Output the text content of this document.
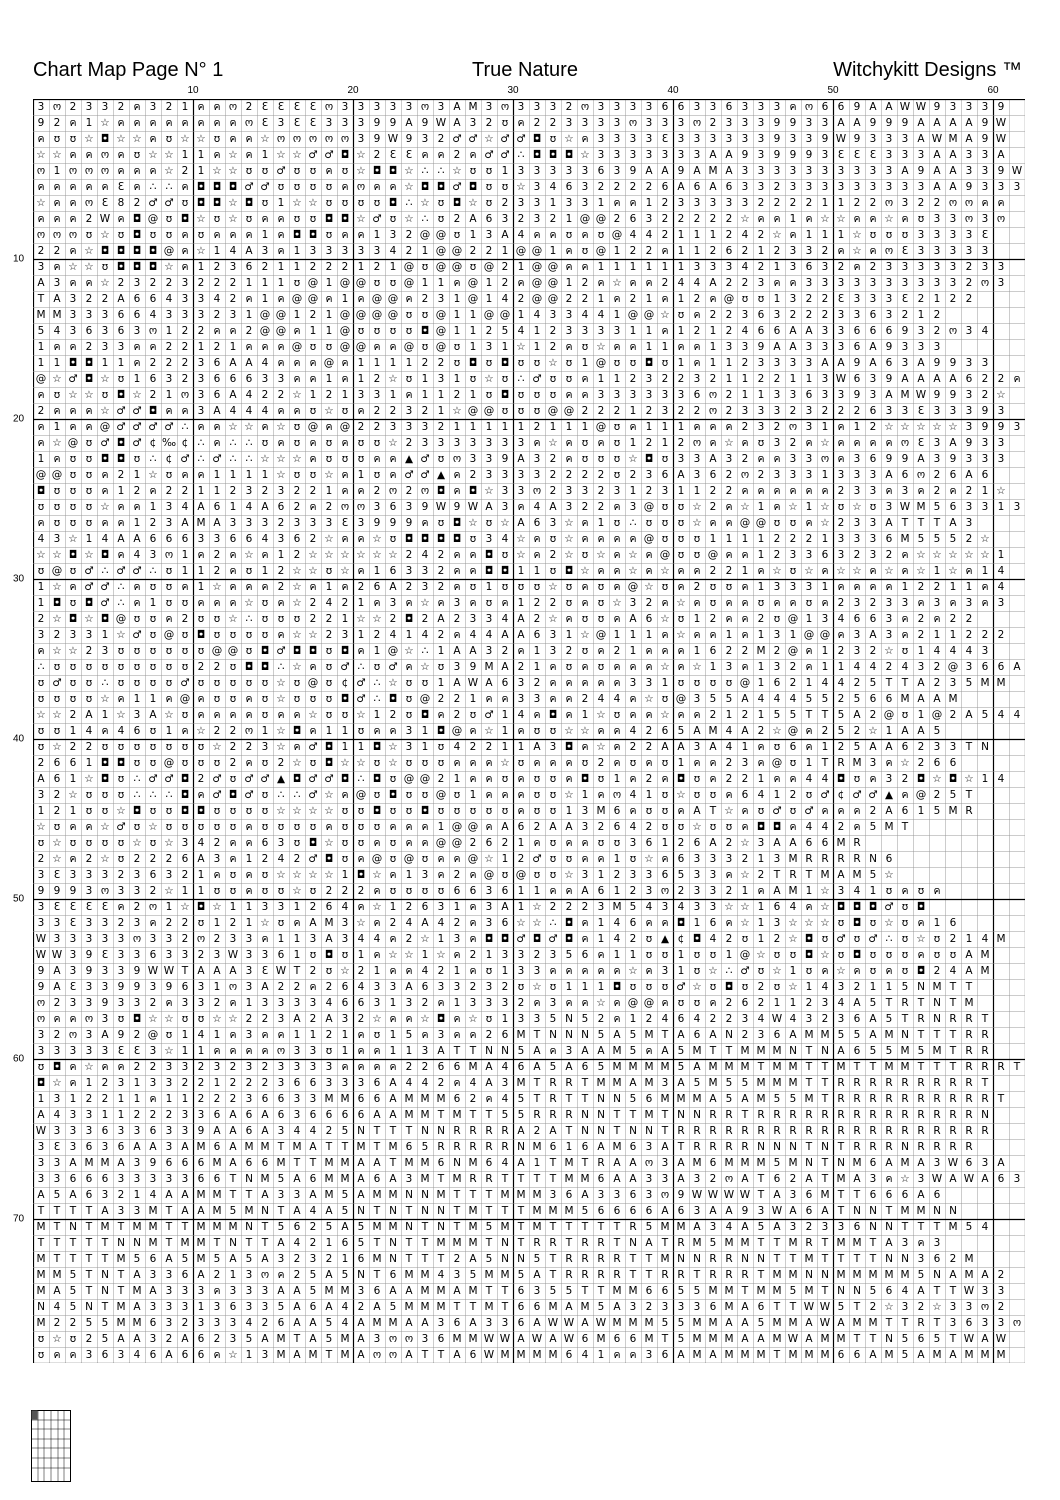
Chart Map Page N° 1	True Nature	Witchykitt Designs ™
10	20	30	40	50	60
10
20
30
40
50
60
70
3 ო 2 3 3 2 ค 3 2 1 ค ค ო 2 Ɛ Ɛ Ɛ Ɛ ო 3 3 3 3 3 ო 3 A M 3 ო 3 3 3 2 ო 3 3 3 3 6 6 3 3 6 3 3 3 ค ო 6 6 9 A A W W 9 3 3 3 9
9 2 ค 1 ☆ ค ค ค ค ค ค ค ค ო Ɛ 3 Ɛ Ɛ 3 3 3 9 9 A 9 W A 3 2 ʊ ค 2 2 3 3 3 3 ო 3 3 3 ო 2 3 3 3 9 9 3 3 A A 9 9 9 A A A A 9 W
ค ʊ ʊ ☆ ◘ ☆ ☆ ค ʊ ☆ ☆ ʊ ค ค ☆ ო ო ო ო ო 3 9 W 9 3 2 ♂ ♂ ☆ ♂ ♂ ◘ ʊ ☆ ค 3 3 3 3 Ɛ 3 3 3 3 3 3 9 3 3 9 W 9 3 3 3 A W M A 9 W
☆ ☆ ค ค ო ค ʊ ☆ ☆ 1 1 ค ☆ ค 1 ☆ ☆ ♂ ♂ ◘ ☆ 2 Ɛ Ɛ ค ค 2 ค ♂ ♂ ∴ ◘ ◘ ◘ ☆ 3 3 3 3 3 3 3 A A 9 3 9 9 9 3 Ɛ Ɛ Ɛ 3 3 3 A A 3 3 A
ო 1 ო ო ო ค ค ค ☆ 2 1 ☆ ☆ ʊ ʊ ♂ ʊ ʊ ค ʊ ☆ ◘ ◘ ☆ ∴ ∴ ☆ ʊ ʊ 1 3 3 3 3 3 6 3 9 A A 9 A M A 3 3 3 3 3 3 3 3 3 3 A 9 A A 3 3 9 W
ค ค ค ค ค Ɛ ค ∴ ∴ ค ◘ ◘ ◘ ♂ ♂ ʊ ʊ ʊ ʊ ค ო ค ค ☆ ◘ ◘ ♂ ◘ ʊ ʊ ☆ 3 4 6 3 2 2 2 2 6 A 6 A 6 3 3 2 3 3 3 3 3 3 3 3 3 A A 9 3 3 3
☆ ค ค ო Ɛ 8 2 ♂ ♂ ʊ ◘ ◘ ☆ ◘ ʊ 1 ☆ ☆ ʊ ʊ ʊ ʊ ◘ ∴ ☆ ʊ ◘ ☆ ʊ 2 3 3 1 3 3 1 ค ค 1 2 3 3 3 3 3 2 2 2 2 1 1 2 2 ო 3 2 2 ო ო ค ค
ค ค ค 2 W ค ◘ @ ʊ ◘ ☆ ʊ ☆ ʊ ค ค ʊ ʊ ◘ ◘ ☆ ♂ ʊ ☆ ∴ ʊ 2 A 6 3 2 3 2 1 @ @ 2 6 3 2 2 2 2 2 ☆ ค ค 1 ค ☆ ☆ ค ค ☆ ค ʊ 3 3 ო 3 ო
ო ო ო ʊ ☆ ʊ ◘ ʊ ʊ ค ʊ ค ค ค 1 ค ◘ ◘ ʊ ค ค 1 3 2 @ @ ʊ 1 3 A 4 ค ค ʊ ค ʊ @ 4 4 2 1 1 1 2 4 2 ☆ ค 1 1 1 ☆ ʊ ʊ ʊ 3 3 3 3 Ɛ
2 2 ค ☆ ◘ ◘ ◘ ◘ @ ค ☆ 1 4 A 3 ค 1 3 3 3 3 3 4 2 1 @ @ 2 2 1 @ @ 1 ค ʊ @ 1 2 2 ค 1 1 2 6 2 1 2 3 3 2 ค ☆ ค ო Ɛ 3 3 3 3 3
3 ค ☆ ☆ ʊ ◘ ◘ ◘ ☆ ค 1 2 3 6 2 1 1 2 2 2 1 2 1 @ ʊ @ @ ʊ @ 2 1 @ @ ค ค 1 1 1 1 1 1 3 3 3 4 2 1 3 6 3 2 ค 2 3 3 3 3 3 2 3 3
A 3 ค ค ☆ 2 3 2 2 3 2 2 2 1 1 1 ʊ @ 1 @ @ ʊ ʊ @ 1 1 ค @ 1 2 ค @ @ 1 2 ค ☆ ค ค 2 4 4 A 2 2 3 ค ค 3 3 3 3 3 3 3 3 3 3 2 ო 3
T A 3 2 2 A 6 6 4 3 3 4 2 ค 1 ค @ @ ค 1 ค @ @ ค 2 3 1 @ 1 4 2 @ @ 2 2 1 ค 2 1 ค 1 2 ค @ ʊ ʊ 1 3 2 2 Ɛ 3 3 3 Ɛ 2 1 2 2
M M 3 3 3 6 6 4 3 3 3 2 3 1 @ @ 1 2 1 @ @ @ @ ʊ ʊ @ 1 1 @ @ 1 4 3 3 4 4 1 @ @ ☆ ʊ ค 2 2 3 6 3 2 2 2 3 3 6 3 2 1 2
5 4 3 6 3 6 3 ო 1 2 2 ค ค 2 @ @ ค 1 1 @ ʊ ʊ ʊ ʊ ◘ @ 1 1 2 5 4 1 2 3 3 3 3 1 1 ค 1 2 1 2 4 6 6 A A 3 3 6 6 6 9 3 2 ო 3 4
1 ค ค 2 3 3 ค ค 2 2 1 2 1 ค ค ค @ ʊ ʊ @ @ ค ค @ ʊ @ ʊ 1 3 1 ☆ 1 2 ค ʊ ☆ ค ค 1 1 ค ค 1 3 3 9 A A 3 3 3 6 A 9 3 3 3
1 1 ◘ ◘ 1 1 ค 2 2 2 3 6 A A 4 ค ค ค @ ค 1 1 1 1 2 2 ʊ ◘ ʊ ◘ ʊ ʊ ☆ ʊ 1 @ ʊ ʊ ◘ ʊ 1 ค 1 1 2 3 3 3 3 A A 9 A 6 3 A 9 9 3 3
@ ☆ ♂ ◘ ☆ ʊ 1 6 3 2 3 6 6 6 3 3 ค ค 1 ค 1 2 ☆ ʊ 1 3 1 ʊ ☆ ʊ ∴ ♂ ʊ ʊ ค 1 1 2 3 2 2 3 2 1 1 2 2 1 1 3 W 6 3 9 A A A A 6 2 2 ค
ค ʊ ☆ ☆ ʊ ◘ ☆ 2 1 ო 3 6 A 4 2 2 ☆ 1 2 1 3 3 1 ค 1 1 2 1 ʊ ◘ ʊ ʊ ʊ ค ค 3 3 3 3 3 3 6 ო 2 1 1 3 3 6 3 3 9 3 A M W 9 9 3 2 ☆
2 ค ค ค ☆ ♂ ♂ ◘ ค ค 3 A 4 4 4 ค ค ʊ ☆ ʊ ค 2 2 3 2 1 ☆ @ @ ʊ ʊ ʊ @ @ 2 2 2 1 2 3 2 2 ო 2 3 3 3 2 3 2 2 2 6 3 3 Ɛ 3 3 3 9 3
ค 1 ค ค @ ♂ ♂ ♂ ♂ ∴ ค ค ☆ ☆ ค ☆ ʊ @ ค @ 2 2 3 3 3 2 1 1 1 1 1 2 1 1 1 @ ʊ ค 1 1 1 ค ค ค 2 3 2 ო 3 1 ค 1 2 ☆ ☆ ☆ ☆ ☆ 3 9 9 3
ค ☆ @ ʊ ♂ ◘ ♂ ¢ ‰ ¢ ∴ ค ∴ ∴ ʊ ค ʊ ค ʊ ค ʊ ʊ ☆ 2 3 3 3 3 3 3 3 ค ☆ ค ʊ ค ʊ 1 2 1 2 ო ค ☆ ค ʊ 3 2 ค ☆ ค ค ค ค ო Ɛ 3 A 9 3 3
1 ค ʊ ʊ ◘ ◘ ʊ ∴ ¢ ♂ ∴ ♂ ∴ ∴ ☆ ☆ ☆ ค ʊ ʊ ʊ ค ค ▲ ♂ ʊ ო 3 3 9 A 3 2 ค ʊ ʊ ʊ ☆ ◘ ʊ 3 3 A 3 2 ค ค 3 3 ო ค 3 6 9 9 A 3 9 3 3 3
@ @ ʊ ʊ ค 2 1 ☆ ʊ ค ค 1 1 1 1 ☆ ʊ ʊ ☆ ค 1 ʊ ค ♂ ♂ ▲ ค 2 3 3 3 3 2 2 2 2 ʊ 2 3 6 A 3 6 2 ო 2 3 3 3 1 3 3 3 A 6 ო 2 6 A 6
◘ ʊ ʊ ʊ ค 1 2 ค 2 2 1 1 2 3 2 3 2 2 1 ค ค 2 ო 2 ო ◘ ค ◘ ☆ 3 3 ო 2 3 3 2 3 1 2 3 1 1 2 2 ค ค ค ค ค ค 2 3 3 ค 3 ค 2 ค 2 1 ☆
ʊ ʊ ʊ ʊ ☆ ค ค 1 3 4 A 6 1 4 A 6 2 ค 2 ო ო 3 6 3 9 W 9 W A 3 ค 4 A 3 2 2 ค 3 @ ʊ ʊ ☆ 2 ค ☆ 1 ค ☆ 1 ☆ ʊ ☆ ʊ 3 W M 5 6 3 3 1 3
ค ʊ ʊ ʊ ค ค 1 2 3 A M A 3 3 3 2 3 3 3 Ɛ 3 9 9 9 ค ʊ ◘ ☆ ʊ ☆ A 6 3 ☆ ค 1 ʊ ∴ ʊ ʊ ʊ ☆ ค ค @ @ ʊ ʊ ค ☆ 2 3 3 A T T T A 3
4 3 ☆ 1 4 A A 6 6 6 3 3 6 6 4 3 6 2 ☆ ค ค ☆ ʊ ◘ ◘ ◘ ◘ ʊ 3 4 ☆ ค ʊ ☆ ค ค ค ค @ ʊ ʊ ʊ 1 1 1 1 2 2 2 1 3 3 3 6 M 5 5 5 2 ☆
☆ ☆ ◘ ☆ ◘ ค 4 3 ო 1 ค 2 ค ☆ ค 1 2 ☆ ☆ ☆ ☆ ☆ ☆ 2 4 2 ค ค ◘ ʊ ☆ ค 2 ☆ ʊ ☆ ค ☆ ค @ ʊ ʊ @ ค ค 1 2 3 3 6 3 2 3 2 ค ☆ ☆ ☆ ☆ ☆ 1
ʊ @ ʊ ♂ ∴ ♂ ♂ ∴ ʊ 1 1 2 ค ʊ 1 2 ☆ ☆ ʊ ☆ ค 1 6 3 3 2 ค ค ◘ ◘ 1 1 ʊ ◘ ☆ ค ค ☆ ค ☆ ค ค 2 2 1 ค ☆ ʊ ☆ ค ☆ ☆ ค ☆ ค ☆ 1 ☆ ค 1 4
1 ☆ ค ♂ ♂ ∴ ค ʊ ʊ ค 1 ☆ ค ค ค 2 ☆ ค 1 ค 2 6 A 2 3 2 ค ʊ 1 ʊ ʊ ʊ ☆ ʊ ค ʊ ค @ ☆ ʊ ค 2 ʊ ʊ ค 1 3 3 3 1 ค ค ค ค 1 2 2 1 1 ค 4
1 ◘ ʊ ◘ ♂ ∴ ค 1 ʊ ʊ ค ค ค ☆ ʊ ค ☆ 2 4 2 1 ค 3 ค ☆ ค 3 ค ʊ ค 1 2 2 ʊ ค ʊ ☆ 3 2 ค ☆ ค ʊ ค ค ʊ ค ค ʊ ค 2 3 2 3 3 ค 3 ค 3 ค 3
2 ☆ ◘ ☆ ◘ @ ʊ ʊ ค 2 ʊ ʊ ☆ ∴ ʊ ʊ ʊ 2 2 1 ☆ ☆ 2 ◘ 2 A 2 3 3 4 A 2 ☆ ค ʊ ʊ ค A 6 ☆ ʊ 1 2 ค ค 2 ʊ @ 1 3 4 6 6 3 ค 2 ค 2 2
3 2 3 3 1 ☆ ♂ ʊ @ ʊ ◘ ʊ ʊ ʊ ʊ ค ☆ ☆ 2 3 1 2 4 1 4 2 ค 4 4 A A 6 3 1 ☆ @ 1 1 1 ค ☆ ค ค 1 ค 1 3 1 @ @ ค 3 A 3 ค 2 1 1 2 2 2
ค ☆ ☆ 2 3 ʊ ʊ ʊ ʊ ʊ ʊ @ @ ʊ ◘ ♂ ◘ ◘ ʊ ◘ ค 1 @ ☆ ∴ 1 A A 3 2 ค 1 3 2 ʊ ค 2 1 ค ค ค 1 6 2 2 M 2 @ ค 1 2 3 2 ☆ ʊ 1 4 4 4 3
∴ ʊ ʊ ʊ ʊ ʊ ʊ ʊ ʊ ʊ 2 2 ʊ ◘ ◘ ∴ ☆ ค ʊ ♂ ∴ ʊ ♂ ค ☆ ʊ 3 9 M A 2 1 ค ʊ ค ʊ ค ค ค ☆ ค ☆ 1 3 ค 1 3 2 ค 1 1 4 4 2 4 3 2 @ 3 6 6 A
ʊ ♂ ʊ ʊ ∴ ʊ ʊ ʊ ʊ ♂ ʊ ʊ ʊ ʊ ʊ ☆ ʊ @ ʊ ¢ ♂ ∴ ☆ ʊ ʊ 1 A W A 6 3 2 ค ค ค ค ค 3 3 1 ʊ ʊ ʊ ʊ @ 1 6 2 1 4 4 2 5 T T A 2 3 5 M M
ʊ ʊ ʊ ʊ ☆ ค 1 1 ค @ ค ʊ ʊ ค ʊ ☆ ʊ ʊ ʊ ◘ ♂ ∴ ◘ ʊ @ 2 2 1 ค ค 3 3 ค ค 2 4 4 ค ☆ ʊ @ 3 5 5 A 4 4 4 5 5 2 5 6 6 M A A M
☆ ☆ 2 A 1 ☆ 3 A ☆ ʊ ค ค ค ค ʊ ค ค ☆ ʊ ʊ ☆ 1 2 ʊ ◘ ค 2 ʊ ♂ 1 4 ค ◘ ค 1 ☆ ʊ ค ค ☆ ค ค 2 1 2 1 5 5 T T 5 A 2 @ ʊ 1 @ 2 A 5 4 4
ʊ ʊ 1 4 ค 4 6 ʊ 1 ค ☆ 2 2 ო 1 ☆ ◘ ค 1 1 ʊ ค ค 3 1 ◘ @ ค ☆ 1 ค ʊ ʊ ☆ ☆ ค ค 4 2 6 5 A M 4 A 2 ☆ @ ค 2 5 2 ☆ 1 A A 5
ʊ ☆ 2 2 ʊ ʊ ʊ ʊ ʊ ʊ ʊ ☆ 2 2 3 ☆ ค ♂ ◘ 1 1 ◘ ☆ 3 1 ʊ 4 2 2 1 1 A 3 ◘ ค ☆ ค 2 2 A A 3 A 4 1 ค ʊ 6 ค 1 2 5 A A 6 2 3 3 T N
2 6 6 1 ◘ ◘ ʊ ʊ @ ʊ ʊ ʊ 2 ค ʊ 2 ☆ ʊ ◘ ☆ ☆ ʊ ☆ ʊ ʊ ʊ ค ค ค ☆ ʊ ค ค ค ʊ 2 ค ʊ ค ʊ 1 ค ค 2 3 ค @ ʊ 1 T R M 3 ค ☆ 2 6 6
A 6 1 ☆ ◘ ʊ ∴ ♂ ♂ ◘ 2 ♂ ʊ ♂ ♂ ▲ ◘ ♂ ♂ ◘ ∴ ◘ ʊ @ @ 2 1 ค ค ʊ ค ʊ ʊ ค ◘ ʊ 1 ค 2 ค ◘ ʊ ค 2 2 1 ค ค 4 4 ◘ ʊ ค 3 2 ◘ ☆ ◘ ☆ 1 4
3 2 ☆ ʊ ʊ ʊ ∴ ∴ ∴ ◘ ค ♂ ◘ ♂ ʊ ∴ ∴ ♂ ☆ ค @ ʊ ◘ ʊ ʊ @ ʊ 1 ค ค ค ʊ ʊ ☆ 1 ค ო 4 1 ʊ ☆ ʊ ʊ ค 6 4 1 2 ʊ ♂ ¢ ♂ ♂ ▲ ค @ 2 5 T
1 2 1 ʊ ʊ ☆ ◘ ʊ ʊ ◘ ◘ ʊ ʊ ʊ ʊ ☆ ☆ ☆ ☆ ʊ ʊ ◘ ʊ ʊ ◘ ʊ ʊ ʊ ʊ ʊ ค ʊ ʊ 1 3 M 6 ค ʊ ʊ ค A T ☆ ค ʊ ♂ ʊ ♂ ค ค ค 2 A 6 1 5 M R
☆ ʊ ค ค ☆ ♂ ʊ ☆ ʊ ʊ ʊ ʊ ʊ ค ʊ ʊ ʊ ʊ ค ʊ ʊ ʊ ค ค ค 1 @ @ ค A 6 2 A A 3 2 6 4 2 ʊ ʊ ☆ ʊ ʊ ค ◘ ◘ ค 4 4 2 ค 5 M T
ʊ ☆ ʊ ʊ ʊ ʊ ☆ ʊ ☆ 3 4 2 ค ค 6 3 ʊ ◘ ☆ ʊ ʊ ค ʊ ค ค @ @ 2 6 2 1 ค ʊ ค ค ʊ ʊ 3 6 1 2 6 A 2 ☆ 3 A A 6 6 M R
2 ☆ ค 2 ☆ ʊ 2 2 2 6 A 3 ค 1 2 4 2 ♂ ◘ ʊ ค @ ʊ @ ʊ ค ค @ ☆ 1 2 ♂ ʊ ʊ ค ค 1 ʊ ☆ ค 6 3 3 3 2 1 3 M R R R R N 6
3 Ɛ 3 3 3 2 3 6 3 2 1 ค ʊ ค ʊ ☆ ☆ ☆ ☆ 1 ◘ ☆ ค 1 3 ค 2 ค @ ʊ @ ʊ ʊ ☆ 3 1 2 3 3 6 5 3 3 ค ☆ 2 T R T M A M 5 ☆
9 9 9 3 ო 3 3 2 ☆ 1 1 ʊ ʊ ค ʊ ʊ ☆ ʊ 2 2 2 ค ʊ ʊ ʊ ʊ 6 6 3 6 1 1 ค ค A 6 1 2 3 ო 2 3 3 2 1 ค A M 1 ☆ 3 4 1 ʊ ค ʊ ค
3 Ɛ Ɛ Ɛ Ɛ ค 2 ო 1 ☆ ◘ ☆ 1 1 3 3 1 2 6 4 ค ☆ 1 2 6 3 1 ค 3 A 1 ☆ 2 2 2 3 M 5 4 3 4 3 3 ☆ ☆ 1 6 4 ค ☆ ◘ ◘ ◘ ♂ ʊ ◘
3 3 Ɛ 3 3 2 3 ค 2 2 ʊ 1 2 1 ☆ ʊ ค A M 3 ☆ ค 2 4 A 4 2 ค 3 6 ☆ ☆ ∴ ◘ ค 1 4 6 ค ค ◘ 1 6 ค ☆ 1 3 ☆ ☆ ☆ ʊ ◘ ʊ ☆ ʊ ค 1 6
W 3 3 3 3 3 ო 3 3 2 ო 2 3 3 ค 1 1 3 A 3 4 4 ค 2 ☆ 1 3 ค ◘ ◘ ♂ ◘ ♂ ◘ ค 1 4 2 ʊ ▲ ¢ ◘ 4 2 ʊ 1 2 ☆ ◘ ʊ ♂ ʊ ♂ ∴ ʊ ☆ ʊ 2 1 4 M
W W 3 9 Ɛ 3 3 6 3 3 2 3 W 3 3 6 1 ʊ ◘ ʊ 1 ค ☆ ☆ 1 ☆ ค 2 1 3 3 2 3 5 6 ค 1 1 ʊ ʊ 1 ʊ ʊ 1 @ ☆ ʊ ʊ ◘ ☆ ʊ ◘ ʊ ʊ ʊ ค ʊ ʊ A M
9 A 3 9 3 3 9 W W T A A A 3 Ɛ W T 2 ʊ ☆ 2 1 ค ค 4 2 1 ค ʊ 1 3 3 ค ค ค ค ค ☆ ค 3 1 ʊ ☆ ∴ ♂ ʊ ☆ 1 ʊ ค ☆ ค ʊ ค ʊ ◘ 2 4 A M
9 A Ɛ 3 3 9 9 3 9 6 3 1 ო 3 A 2 2 ค 2 6 4 3 3 A 6 3 3 2 3 2 ʊ ☆ ʊ 1 1 1 ◘ ʊ ʊ ʊ ♂ ☆ ʊ ◘ ʊ 2 ʊ ☆ 1 4 3 2 1 1 5 N M T T
ო 2 3 3 9 3 3 2 ค 3 3 2 ค 1 3 3 3 3 4 6 6 3 1 3 2 ค 1 3 3 3 2 ค 3 ค ค ☆ ค @ @ ค ʊ ʊ ค 2 6 2 1 1 2 3 4 A 5 T R T N T M
ო ค ค ო 3 ʊ ◘ ☆ ☆ ʊ ʊ ☆ ☆ 2 2 3 A 2 A 3 2 ☆ ค ค ☆ ◘ ค ☆ ʊ 1 3 3 5 N 5 2 ค 1 2 4 6 4 2 2 3 4 W 4 3 2 3 6 A 5 T R N R R T
3 2 ო 3 A 9 2 @ ʊ 1 4 1 ค 3 ค ค 1 1 2 1 ค ʊ 1 5 ค 3 ค ค 2 6 M T N N N 5 A 5 M T A 6 A N 2 3 6 A M M 5 5 A M N T T T R R
3 3 3 3 3 Ɛ Ɛ 3 ☆ 1 1 ค ค ค ค ო 3 3 ʊ 1 ค ค 1 1 3 A T T N N 5 A ค 3 A A M 5 ค A 5 M T T M M M N T N A 6 5 5 M 5 M T R R
ʊ ◘ ค ☆ ค ค 2 2 3 3 2 3 2 3 2 3 3 3 3 ค ค ค ค 2 2 6 6 M A 4 6 A 5 A 6 5 M M M M 5 A M M M T M M T T M T T M M T T T R R R T
◘ ☆ ค 1 2 3 1 3 3 2 2 1 2 2 2 3 6 6 3 3 3 6 A 4 4 2 ค 4 A 3 M T R R T M M A M 3 A 5 M 5 5 M M M T T R R R R R R R R R T
1 3 1 2 2 1 1 ค 1 1 2 2 2 3 6 6 3 3 M M 6 6 A M M M 6 2 ค 4 5 T R T T N N 5 6 M M M A 5 A M 5 5 M T R R R R R R R R R R T
A 4 3 3 1 1 2 2 2 3 3 6 A 6 A 6 3 6 6 6 6 A A M M T M T T 5 5 R R R N N T T M T N N R R T R R R R R R R R R R R R R R N
W 3 3 3 6 3 3 6 3 3 9 A A 6 A 3 4 4 2 5 N T T T N N R R R R A 2 A T N N T N N T R R R R R R R R R R R R R R R R R R R R
3 Ɛ 3 6 3 6 A A 3 A M 6 A M M T M A T T M T M 6 5 R R R R R N M 6 1 6 A M 6 3 A T R R R R N N N T N T R R R N R R R R
3 3 A M M A 3 9 6 6 6 M A 6 6 M T T M M A A T M M 6 N M 6 4 A 1 T M T R A A ო 3 A M 6 M M M 5 M N T N M 6 A M A 3 W 6 3 A
3 3 6 6 6 3 3 3 3 3 6 6 T N M 5 A 6 M M A 6 A 3 M T M R R T T T T M M 6 A A 3 3 A 3 2 ო A T 6 2 A T M A 3 ค ☆ 3 W A W A 6 3
A 5 A 6 3 2 1 4 A A M M T T A 3 3 A M 5 A M M N N M T T T M M M 3 6 A 3 3 6 3 ო 9 W W W W T A 3 6 M T T 6 6 6 A 6
T T T T A 3 3 M T A A M 5 M N T A 4 A 5 N T N T N N T M T T T M M M 5 6 6 6 6 A 6 3 A A 9 3 W A 6 A T N N T M M N N
M T N T M T M M T T M M M N T 5 6 2 5 A 5 M M N T N T M 5 M T M T T T T T R 5 M M A 3 4 A 5 A 3 2 3 3 6 N N T T T M 5 4
T T T T T N N M T M M T N T T A 4 2 1 6 5 T N T T M M M T N T R R T R R T N A T R M 5 M M T T M R T M M T A 3 ค 3
M T T T T M 5 6 A 5 M 5 A 5 A 3 2 3 2 1 6 M N T T T 2 A 5 N N 5 T R R R R T T M N N R R N N T T M T T T T N N 3 6 2 M
M M 5 T N T A 3 3 6 A 2 1 3 ო ค 2 5 A 5 N T 6 M M 4 3 5 M M 5 A T R R R R T T R R T R R R T M M N N M M M M M 5 N A M A 2
M A 5 T N T M A 3 3 3 ค 3 3 3 A A 5 M M 3 6 A A M M A M T T 6 3 5 5 T T M M 6 6 5 5 M M T M M 5 M T N N 5 6 4 A T T W 3 3
N 4 5 N T M A 3 3 3 1 3 6 3 3 5 A 6 A 4 2 A 5 M M M T T M T 6 6 M A M 5 A 3 2 3 3 3 6 M A 6 T T W W 5 T 2 ☆ 3 2 ☆ 3 3 ო 2
M 2 2 5 5 M M 6 3 2 3 3 3 4 2 6 A A 5 4 A M M A A 3 6 A 3 3 6 A W W A W M M M 5 5 M M A A 5 M M A W A M M T T R T 3 6 3 3 ო
ʊ ☆ ʊ 2 5 A A 3 2 A 6 2 3 5 A M T A 5 M A 3 ო ო 3 6 M M W W A W A W 6 M 6 6 M T 5 M M M A A M W A M M T T N 5 6 5 T W A W
ʊ ค ค 3 6 3 4 6 A 6 6 ค ☆ 1 3 M A M T M A ო ო A T T A 6 W M M M M 6 4 1 ค ค 3 6 A M A M M M T M M M 6 6 A M 5 A M A M M M
